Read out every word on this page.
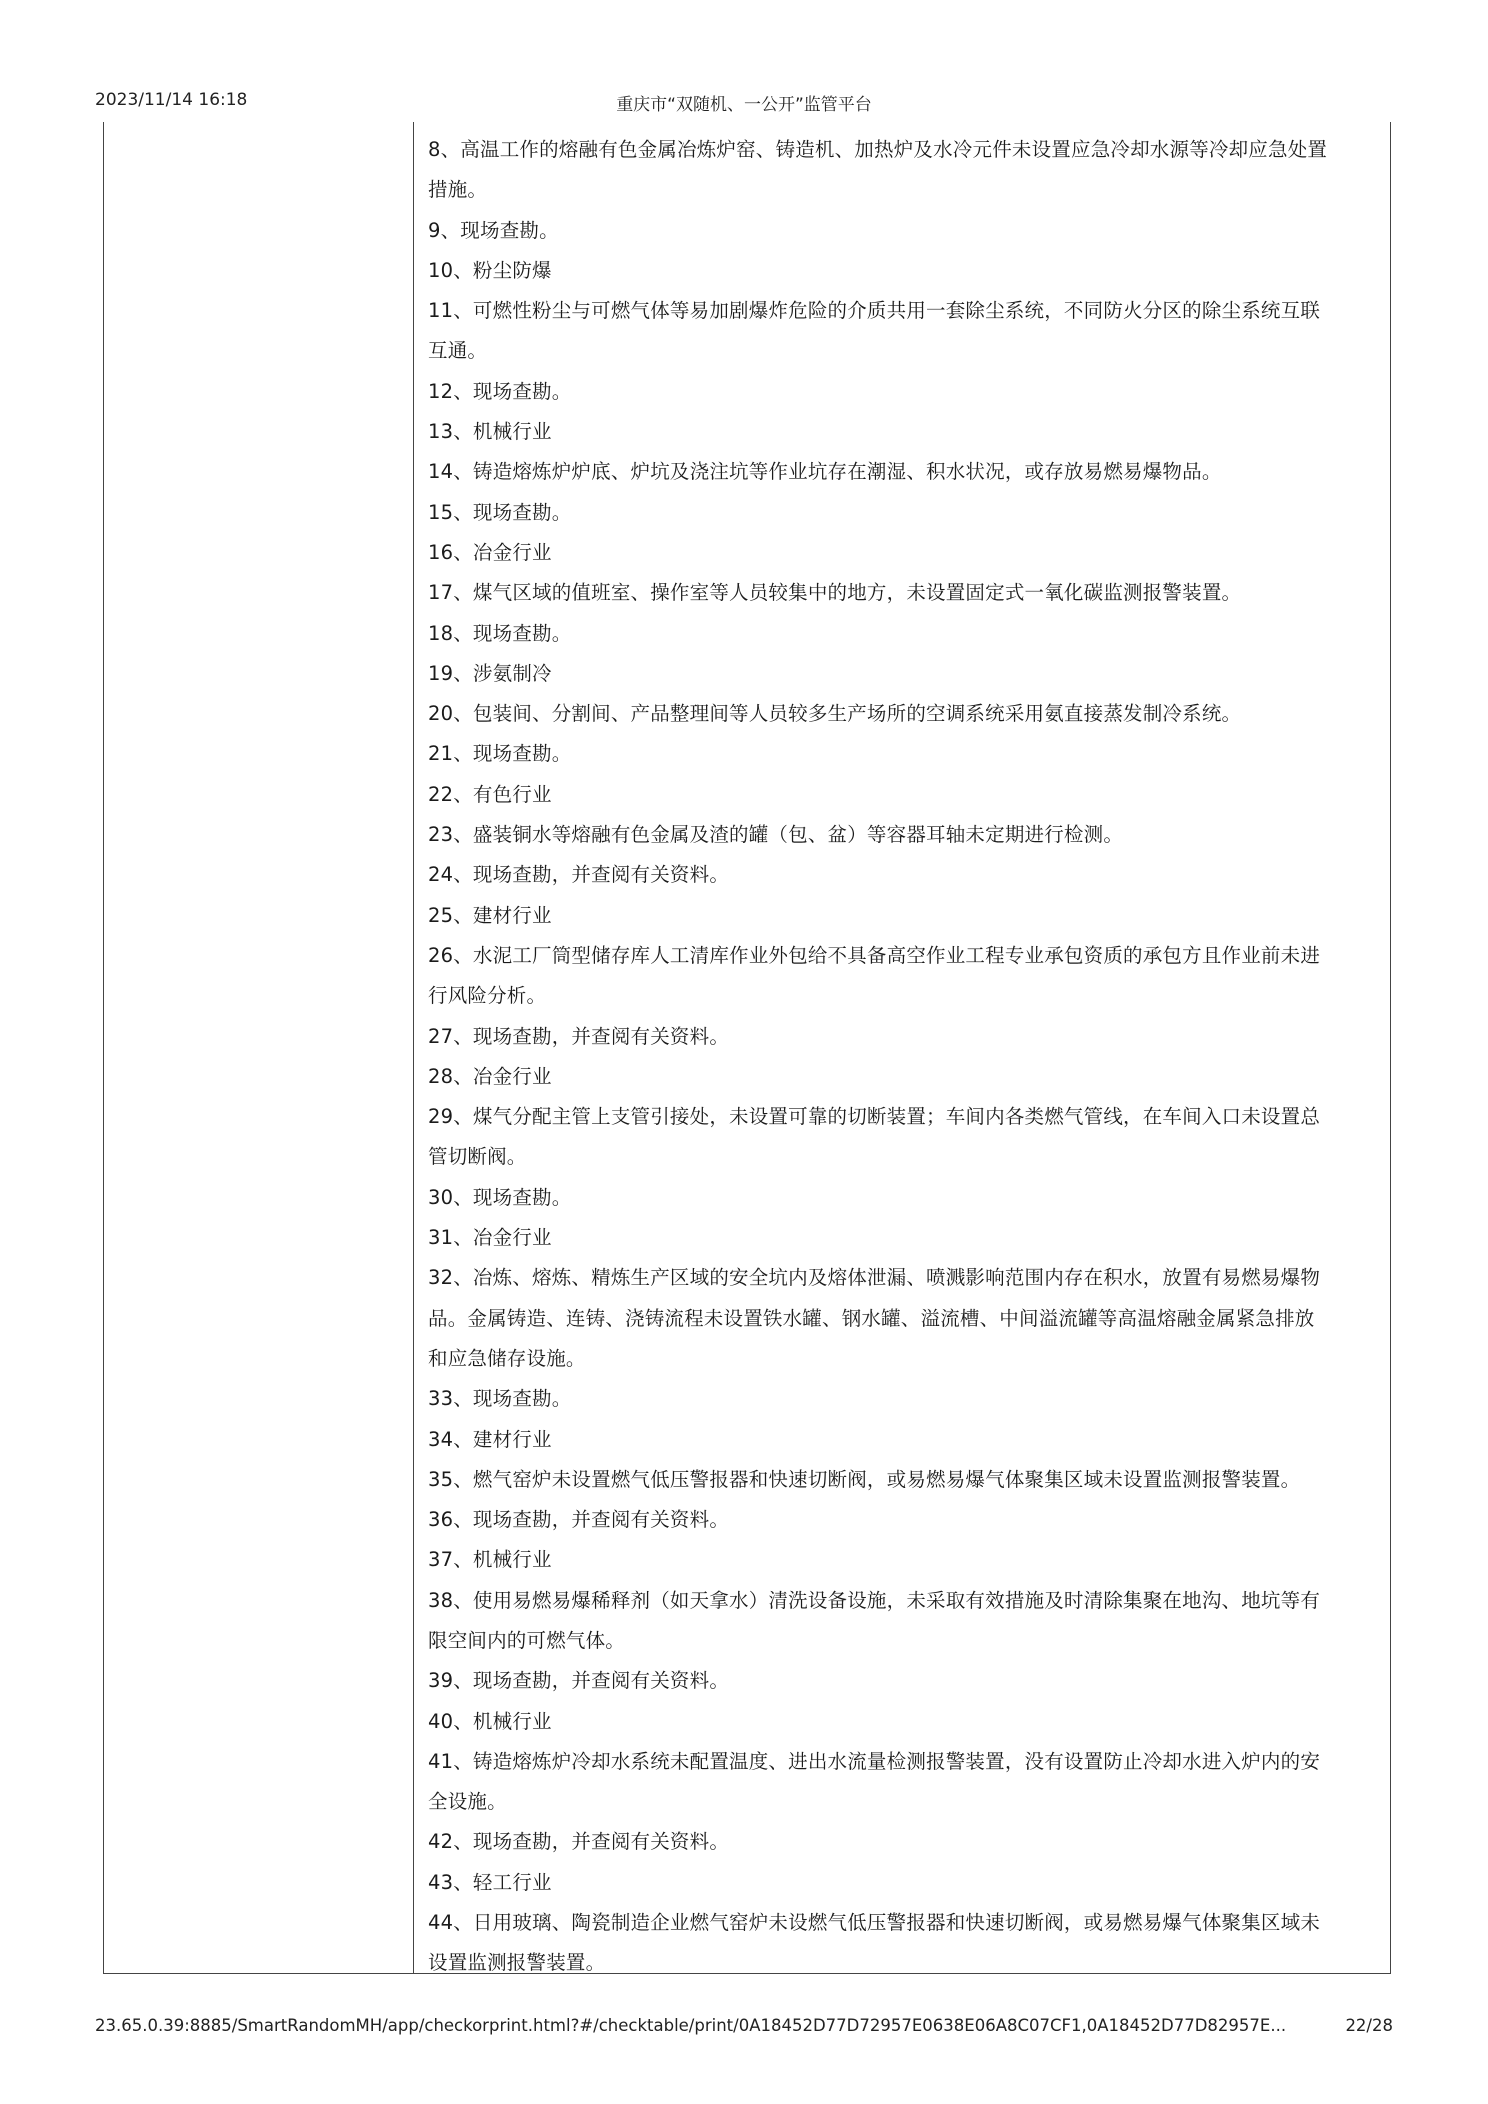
2023/11/14 16:18	重庆市“双随机、一公开”监管平台
8、高温工作的熔融有色金属冶炼炉窑、铸造机、加热炉及水冷元件未设置应急冷却水源等冷却应急处置
措施。
9、现场查勘。
10、粉尘防爆
11、可燃性粉尘与可燃气体等易加剧爆炸危险的介质共用一套除尘系统，不同防火分区的除尘系统互联
互通。
12、现场查勘。
13、机械行业
14、铸造熔炼炉炉底、炉坑及浇注坑等作业坑存在潮湿、积水状况，或存放易燃易爆物品。
15、现场查勘。
16、冶金行业
17、煤气区域的值班室、操作室等人员较集中的地方，未设置固定式一氧化碳监测报警装置。
18、现场查勘。
19、涉氨制冷
20、包装间、分割间、产品整理间等人员较多生产场所的空调系统采用氨直接蒸发制冷系统。
21、现场查勘。
22、有色行业
23、盛装铜水等熔融有色金属及渣的罐（包、盆）等容器耳轴未定期进行检测。
24、现场查勘，并查阅有关资料。
25、建材行业
26、水泥工厂筒型储存库人工清库作业外包给不具备高空作业工程专业承包资质的承包方且作业前未进
行风险分析。
27、现场查勘，并查阅有关资料。
28、冶金行业
29、煤气分配主管上支管引接处，未设置可靠的切断装置；车间内各类燃气管线，在车间入口未设置总
管切断阀。
30、现场查勘。
31、冶金行业
32、冶炼、熔炼、精炼生产区域的安全坑内及熔体泄漏、喷溅影响范围内存在积水，放置有易燃易爆物
品。金属铸造、连铸、浇铸流程未设置铁水罐、钢水罐、溢流槽、中间溢流罐等高温熔融金属紧急排放
和应急储存设施。
33、现场查勘。
34、建材行业
35、燃气窑炉未设置燃气低压警报器和快速切断阀，或易燃易爆气体聚集区域未设置监测报警装置。
36、现场查勘，并查阅有关资料。
37、机械行业
38、使用易燃易爆稀释剂（如天拿水）清洗设备设施，未采取有效措施及时清除集聚在地沟、地坑等有
限空间内的可燃气体。
39、现场查勘，并查阅有关资料。
40、机械行业
41、铸造熔炼炉冷却水系统未配置温度、进出水流量检测报警装置，没有设置防止冷却水进入炉内的安
全设施。
42、现场查勘，并查阅有关资料。
43、轻工行业
44、日用玻璃、陶瓷制造企业燃气窑炉未设燃气低压警报器和快速切断阀，或易燃易爆气体聚集区域未
设置监测报警装置。
23.65.0.39:8885/SmartRandomMH/app/checkorprint.html?#/checktable/print/0A18452D77D72957E0638E06A8C07CF1,0A18452D77D82957E...	22/28
